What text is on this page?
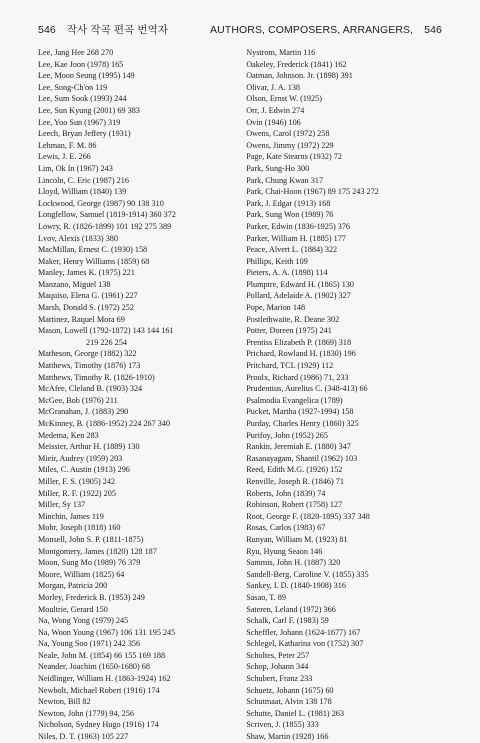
546 작사 작곡 편곡 번역자	AUTHORS, COMPOSERS, ARRANGERS, 546
Lee, Jang Hee 268 270
Lee, Kae Joon (1978) 165
Lee, Moon Seung (1995) 149
Lee, Song-Ch'on 119
Lee, Sum Sook (1993) 244
Lee, Sun Kyung (2001) 69 383
Lee, Yoo Sun (1967) 319
Leech, Bryan Jeffery (1931)
Lehman, F. M. 86
Lewis, J. E. 266
Lim, Ok In (1967) 243
Lincoln, C. Eric (1987) 216
Lloyd, William (1840) 139
Lockwood, George (1987) 90 138 310
Longfellow, Samuel (1819-1914) 360 372
Lowry, R. (1826-1899) 101 192 275 389
Lvov, Alexis (1833) 380
MacMillan, Ernest C. (1930) 158
Maker, Henry Williams (1859) 68
Manley, James K. (1975) 221
Manzano, Miguel 138
Maquiso, Elena G. (1961) 227
Marsh, Donald S. (1972) 252
Martinez, Raquel Mora 69
Mason, Lowell (1792-1872) 143 144 161
219 226 254
Matheson, George (1882) 322
Matthews, Timothy (1876) 173
Matthews, Timothy R. (1826-1910)
McAfee, Cleland B. (1903) 324
McGee, Bob (1976) 211
McGranahan, J. (1883) 290
McKinney, B. (1886-1952) 224 267 340
Medema, Ken 283
Meissier, Arthur H. (1889) 130
Mieir, Audrey (1959) 203
Miles, C. Austin (1913) 296
Miller, F. S. (1905) 242
Miller, R. F. (1922) 205
Miller, Sy 137
Minchin, James 119
Mohr, Joseph (1818) 160
Monsell, John S. P. (1811-1875)
Montgomery, James (1820) 128 187
Moon, Sung Mo (1989) 76 379
Moore, William (1825) 64
Morgan, Patricia 200
Morley, Frederick B. (1953) 249
Moultrie, Gerard 150
Na, Wong Yong (1979) 245
Na, Woon Young (1967) 106 131 195 245
Na, Young Soo (1971) 242 356
Neale, John M. (1854) 66 155 169 188
Neander, Joachim (1650-1680) 68
Neidlinger, William H. (1863-1924) 162
Newbolt, Michael Robert (1916) 174
Newton, Bill 82
Newton, John (1779) 94, 256
Nicholson, Sydney Hugo (1916) 174
Niles, D. T. (1963) 105 227
Nystrom, Martin 116
Oakeley, Frederick (1841) 162
Oatman, Johnson. Jr. (1898) 391
Olivar, J. A. 138
Olson, Ernst W. (1925)
Orr, J. Edwin 274
Ovin (1946) 106
Owens, Carol (1972) 258
Owens, Jimmy (1972) 229
Page, Kate Stearns (1932) 72
Park, Sung-Ho 300
Park, Chung Kwan 317
Park, Chai-Hoon (1967) 89 175 243 272
Park, J. Edgar (1913) 168
Park, Sung Won (1989) 76
Parker, Edwin (1836-1925) 376
Parker, William H. (1885) 177
Peace, Alvert L. (1884) 322
Phillips, Keith 109
Pieters, A. A. (1898) 114
Plumptre, Edward H. (1865) 130
Pollard, Adelaide A. (1902) 327
Pope, Marion 148
Postlethwaite, R. Deane 302
Potter, Doreen (1975) 241
Prentiss Elizabeth P. (1869) 318
Prichard, Rowland H. (1830) 196
Pritchard, TCL (1929) 112
Proulx, Richard (1986) 71, 233
Prudentius, Aurelius C. (348-413) 66
Psalmodia Evangelica (1789)
Pucket, Martha (1927-1994) 158
Purday, Charles Henry (1860) 325
Purifoy, John (1952) 265
Rankin, Jeremiah E. (1880) 347
Rasanayagam, Shantil (1962) 103
Reed, Edith M.G. (1926) 152
Renville, Joseph R. (1846) 71
Roberts, John (1839) 74
Robinson, Robert (1758) 127
Root, George F. (1820-1895) 337 348
Rosas, Carlos (1983) 67
Runyan, William M. (1923) 81
Ryu, Hyung Seaon 146
Sammis, John H. (1887) 320
Sandell-Berg, Caroline V. (1855) 335
Sankey, I. D. (1840-1908) 316
Sasao, T. 89
Sateren, Leland (1972) 366
Schalk, Carl F. (1983) 59
Scheffler, Johann (1624-1677) 167
Schlegel, Katharina von (1752) 307
Scholtes, Peter 257
Schop, Johann 344
Schubert, Franz 233
Schuetz, Johann (1675) 60
Schutmaat, Alvin 138 178
Schutte, Daniel L. (1981) 263
Scriven, J. (1855) 333
Shaw, Martin (1928) 166
